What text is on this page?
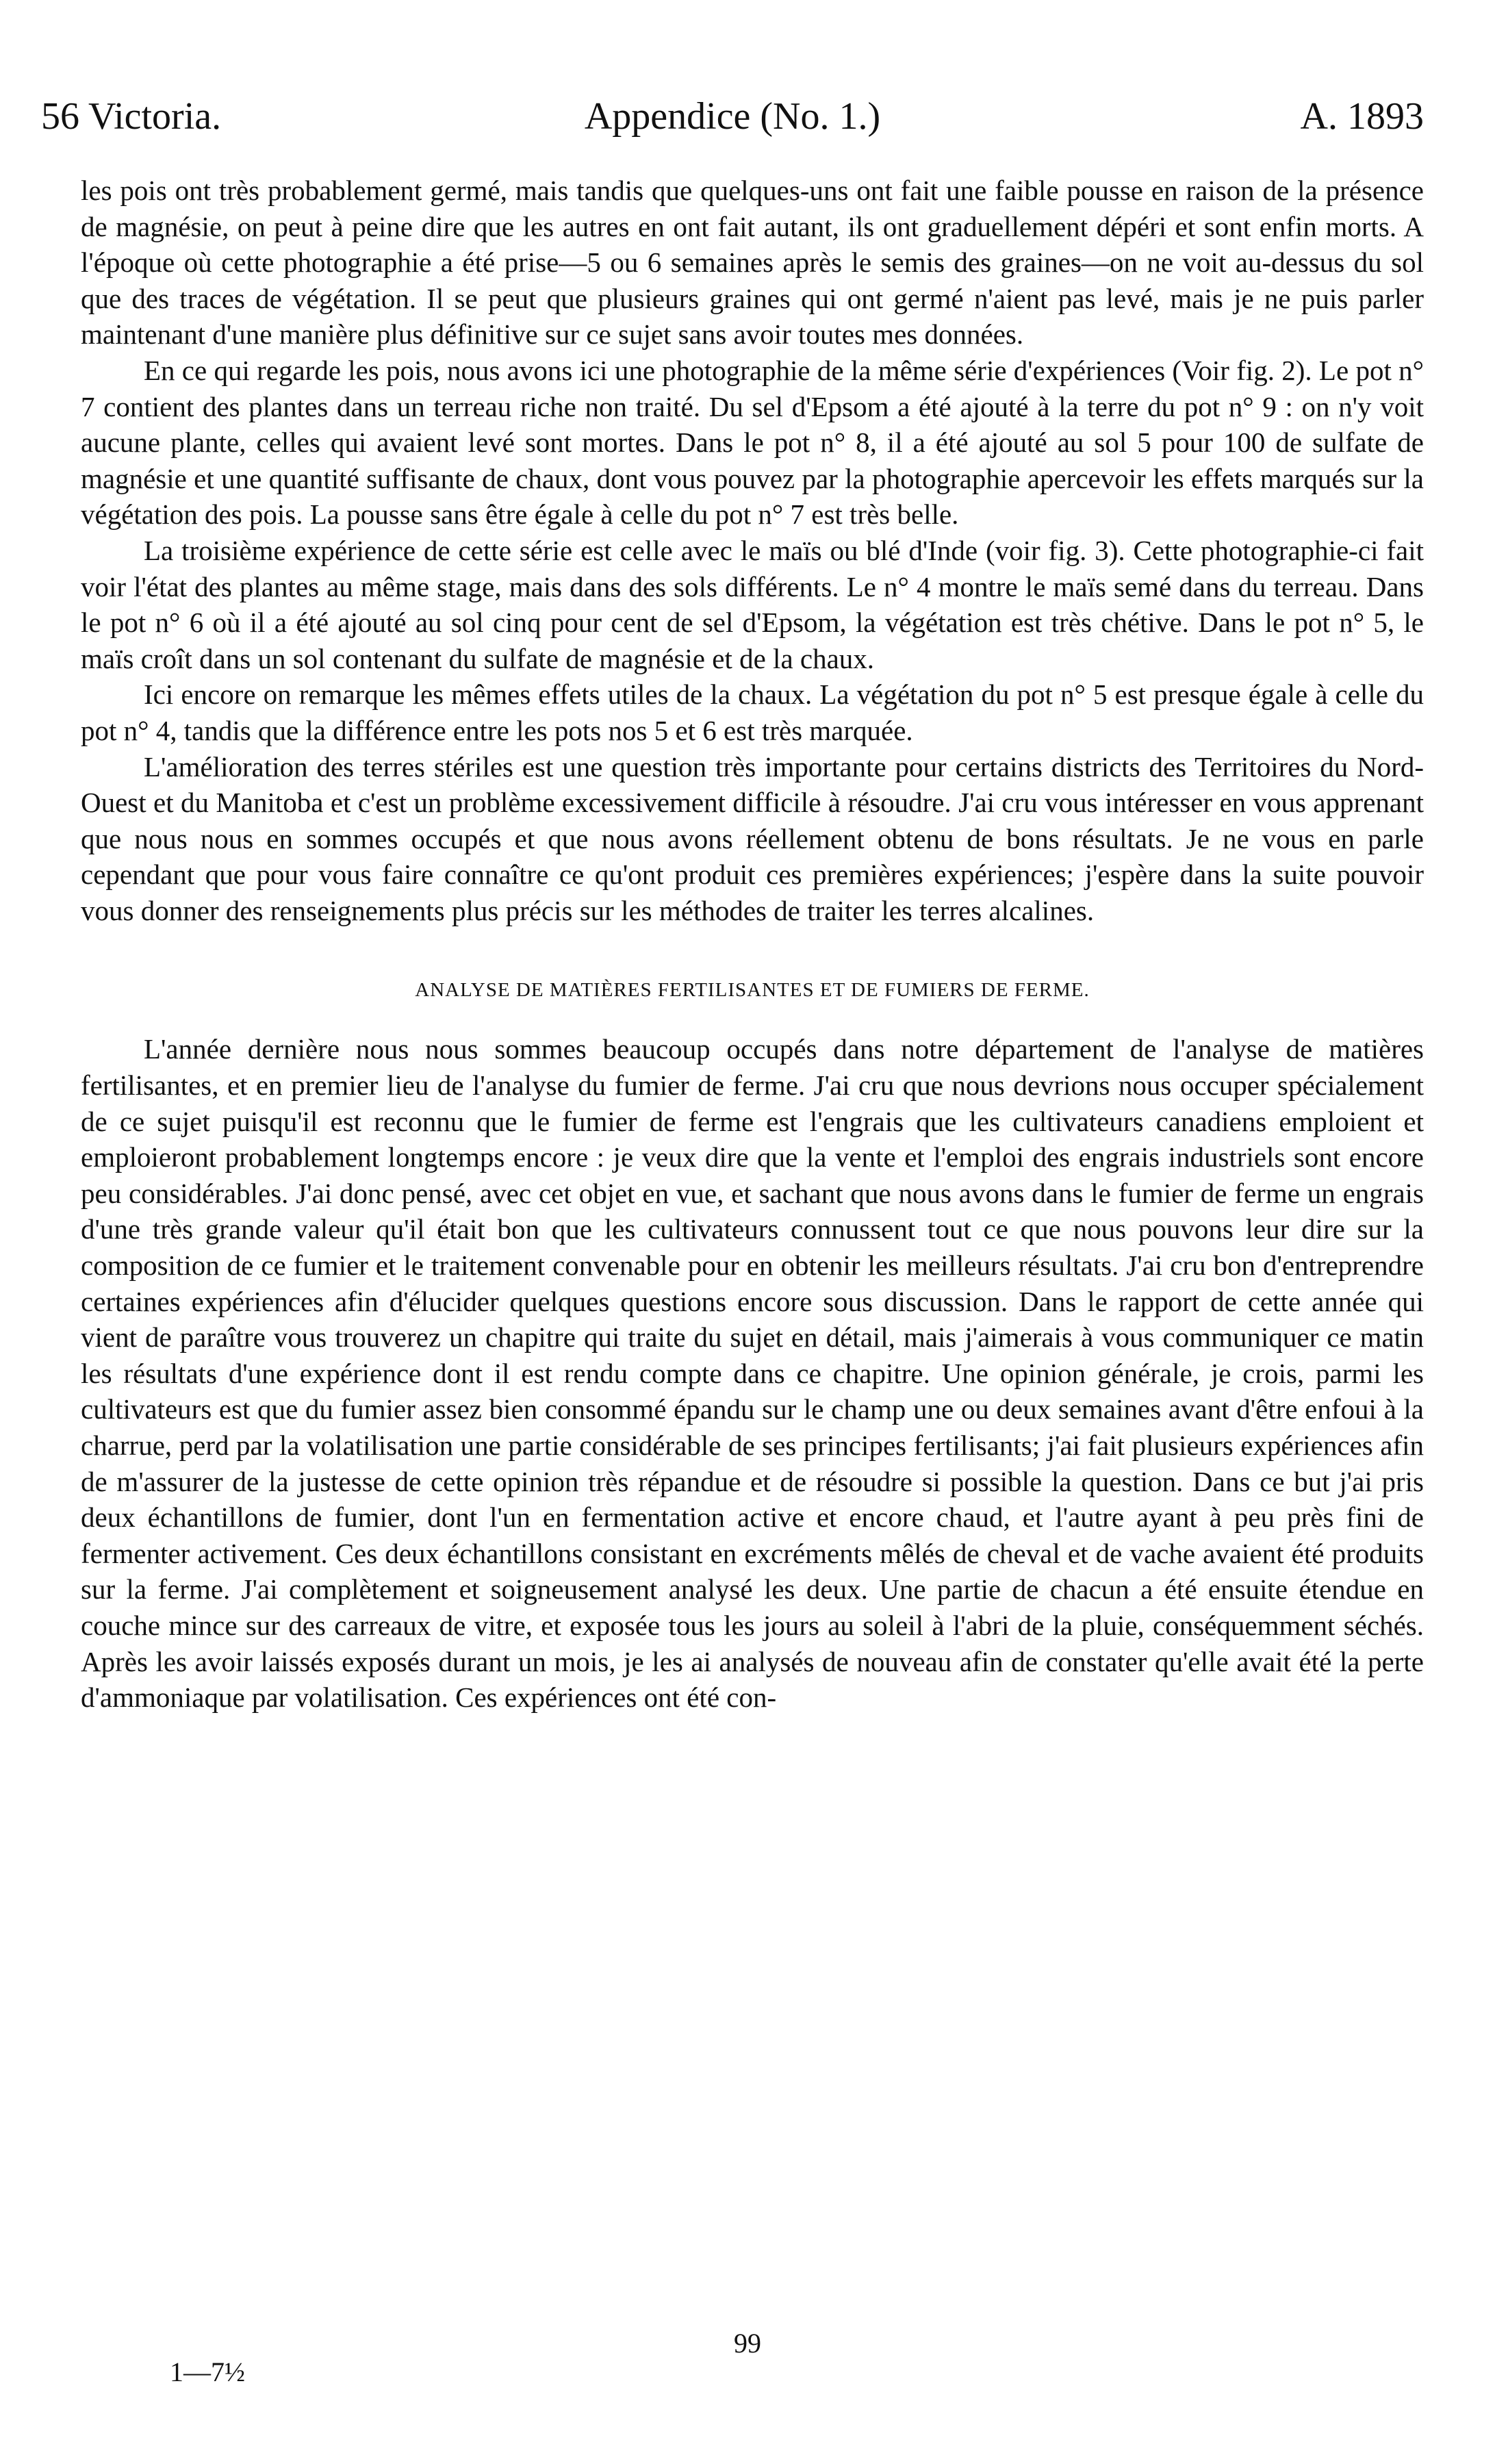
56 Victoria.	Appendice (No. 1.)	A. 1893

les pois ont très probablement germé, mais tandis que quelques-uns ont fait une faible pousse en raison de la présence de magnésie, on peut à peine dire que les autres en ont fait autant, ils ont graduellement dépéri et sont enfin morts. A l'époque où cette photographie a été prise—5 ou 6 semaines après le semis des graines—on ne voit au-dessus du sol que des traces de végétation. Il se peut que plusieurs graines qui ont germé n'aient pas levé, mais je ne puis parler maintenant d'une manière plus définitive sur ce sujet sans avoir toutes mes données.

En ce qui regarde les pois, nous avons ici une photographie de la même série d'expériences (Voir fig. 2). Le pot n° 7 contient des plantes dans un terreau riche non traité. Du sel d'Epsom a été ajouté à la terre du pot n° 9 : on n'y voit aucune plante, celles qui avaient levé sont mortes. Dans le pot n° 8, il a été ajouté au sol 5 pour 100 de sulfate de magnésie et une quantité suffisante de chaux, dont vous pouvez par la photographie apercevoir les effets marqués sur la végétation des pois. La pousse sans être égale à celle du pot n° 7 est très belle.

La troisième expérience de cette série est celle avec le maïs ou blé d'Inde (voir fig. 3). Cette photographie-ci fait voir l'état des plantes au même stage, mais dans des sols différents. Le n° 4 montre le maïs semé dans du terreau. Dans le pot n° 6 où il a été ajouté au sol cinq pour cent de sel d'Epsom, la végétation est très chétive. Dans le pot n° 5, le maïs croît dans un sol contenant du sulfate de magnésie et de la chaux.

Ici encore on remarque les mêmes effets utiles de la chaux. La végétation du pot n° 5 est presque égale à celle du pot n° 4, tandis que la différence entre les pots nos 5 et 6 est très marquée.

L'amélioration des terres stériles est une question très importante pour certains districts des Territoires du Nord-Ouest et du Manitoba et c'est un problème excessivement difficile à résoudre. J'ai cru vous intéresser en vous apprenant que nous nous en sommes occupés et que nous avons réellement obtenu de bons résultats. Je ne vous en parle cependant que pour vous faire connaître ce qu'ont produit ces premières expériences; j'espère dans la suite pouvoir vous donner des renseignements plus précis sur les méthodes de traiter les terres alcalines.

ANALYSE DE MATIÈRES FERTILISANTES ET DE FUMIERS DE FERME.

L'année dernière nous nous sommes beaucoup occupés dans notre département de l'analyse de matières fertilisantes, et en premier lieu de l'analyse du fumier de ferme. J'ai cru que nous devrions nous occuper spécialement de ce sujet puisqu'il est reconnu que le fumier de ferme est l'engrais que les cultivateurs canadiens emploient et emploieront probablement longtemps encore : je veux dire que la vente et l'emploi des engrais industriels sont encore peu considérables. J'ai donc pensé, avec cet objet en vue, et sachant que nous avons dans le fumier de ferme un engrais d'une très grande valeur qu'il était bon que les cultivateurs connussent tout ce que nous pouvons leur dire sur la composition de ce fumier et le traitement convenable pour en obtenir les meilleurs résultats. J'ai cru bon d'entreprendre certaines expériences afin d'élucider quelques questions encore sous discussion. Dans le rapport de cette année qui vient de paraître vous trouverez un chapitre qui traite du sujet en détail, mais j'aimerais à vous communiquer ce matin les résultats d'une expérience dont il est rendu compte dans ce chapitre. Une opinion générale, je crois, parmi les cultivateurs est que du fumier assez bien consommé épandu sur le champ une ou deux semaines avant d'être enfoui à la charrue, perd par la volatilisation une partie considérable de ses principes fertilisants; j'ai fait plusieurs expériences afin de m'assurer de la justesse de cette opinion très répandue et de résoudre si possible la question. Dans ce but j'ai pris deux échantillons de fumier, dont l'un en fermentation active et encore chaud, et l'autre ayant à peu près fini de fermenter activement. Ces deux échantillons consistant en excréments mêlés de cheval et de vache avaient été produits sur la ferme. J'ai complètement et soigneusement analysé les deux. Une partie de chacun a été ensuite étendue en couche mince sur des carreaux de vitre, et exposée tous les jours au soleil à l'abri de la pluie, conséquemment séchés. Après les avoir laissés exposés durant un mois, je les ai analysés de nouveau afin de constater qu'elle avait été la perte d'ammoniaque par volatilisation. Ces expériences ont été con-

99
1—7½
